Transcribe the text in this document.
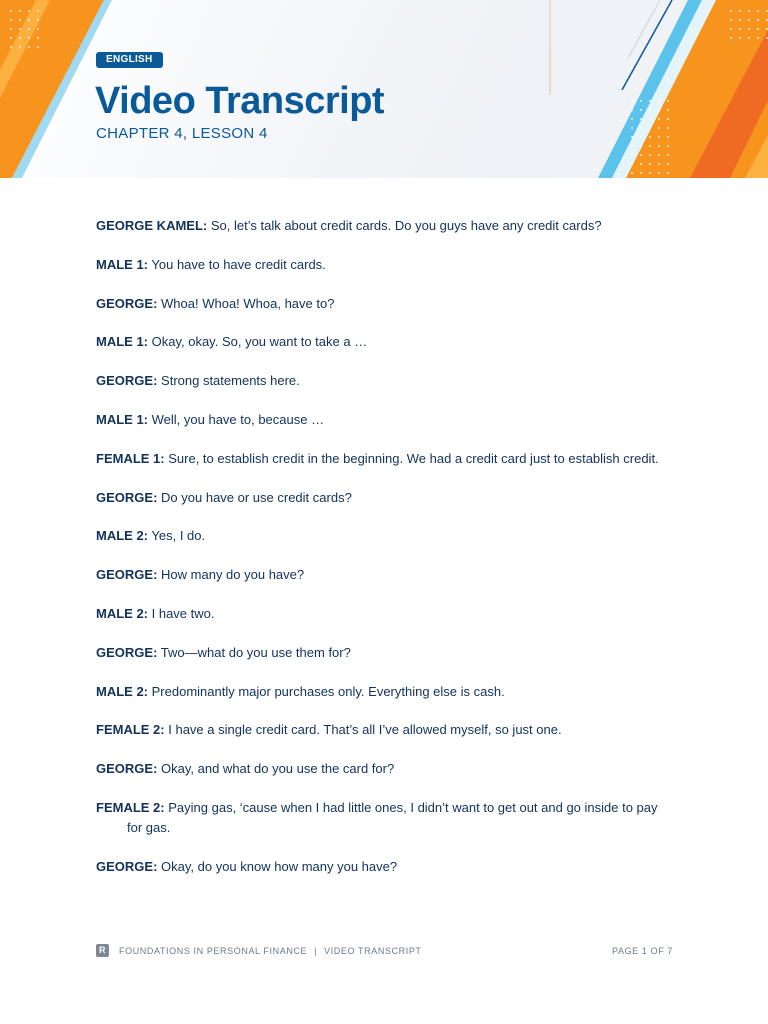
ENGLISH
Video Transcript
CHAPTER 4, LESSON 4
GEORGE KAMEL: So, let’s talk about credit cards. Do you guys have any credit cards?
MALE 1: You have to have credit cards.
GEORGE: Whoa! Whoa! Whoa, have to?
MALE 1: Okay, okay. So, you want to take a …
GEORGE: Strong statements here.
MALE 1: Well, you have to, because …
FEMALE 1: Sure, to establish credit in the beginning. We had a credit card just to establish credit.
GEORGE: Do you have or use credit cards?
MALE 2: Yes, I do.
GEORGE: How many do you have?
MALE 2: I have two.
GEORGE: Two—what do you use them for?
MALE 2: Predominantly major purchases only. Everything else is cash.
FEMALE 2: I have a single credit card. That’s all I’ve allowed myself, so just one.
GEORGE: Okay, and what do you use the card for?
FEMALE 2: Paying gas, ‘cause when I had little ones, I didn’t want to get out and go inside to pay for gas.
GEORGE: Okay, do you know how many you have?
R	FOUNDATIONS IN PERSONAL FINANCE | VIDEO TRANSCRIPT	PAGE 1 OF 7
